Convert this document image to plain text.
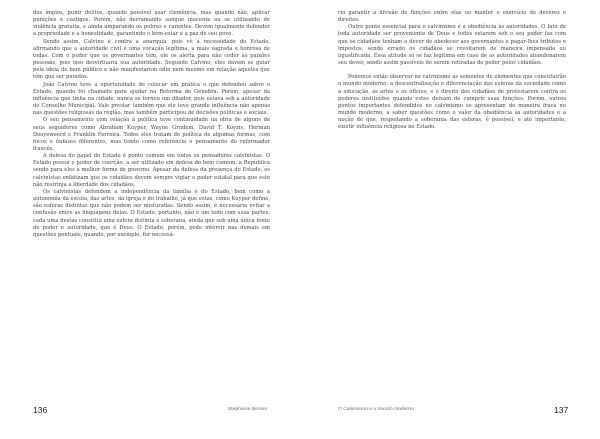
dos ímpios, punir delitos, quando possível usar clemência, mas quando não, aplicar punições e castigos. Porém, não derramando sangue inocente ou se utilizando de violência gratuita, e ainda amparando os pobres e carentes. Devem igualmente defender a propriedade e a honestidade, garantindo o bem-estar e a paz de seu povo.

Sendo assim, Calvino é contra a anarquia, pois vê a necessidade do Estado, afirmando que a autoridade civil é uma vocação legítima, a mais sagrada e honrosa de todas. Com o poder que os governantes têm, ele os alerta para não ceder às paixões pessoais, pois isso desvirtuaria sua autoridade. Segundo Calvino, eles devem se guiar pela ideia de bem público e não manifestarem ódio nem mesmo em relação àqueles que têm que ser punidos.

João Calvino teve a oportunidade de colocar em prática o que defendeu sobre o Estado, quando foi chamado para ajudar na Reforma de Genebra. Porém, apesar da influência que tinha na cidade, nunca se tornou um ditador, pois estava sob a autoridade do Conselho Municipal. Vale prestar também que ele teve grande influência não apenas nas questões religiosas da região, mas também participou de decisões políticas e sociais.

O seu pensamento com relação à política teve continuidade na obra de alguns de seus seguidores como Abraham Kuyper, Wayne Grudem, David T. Koyzis, Herman Dooyeweerd e Franklin Ferreira. Todos eles tratam de política de algumas formas, com focos e ênfases diferentes, mas tendo como referência o pensamento do reformador francês.

A defesa do papel do Estado é ponto comum em todos os pensadores calvinistas. O Estado possui o poder de coerção, a ser utilizado em defesa do bem comum, a República sendo para eles a melhor forma de governo. Apesar da defesa da presença do Estado, os calvinistas enfatizam que os cidadãos devem sempre vigiar o poder estatal para que este não restrinja a liberdade dos cidadãos.

Os calvinistas defendem a independência da família e do Estado, bem como a autonomia da escola, das artes, da igreja e do trabalho, já que estas, como Kuyper define, são esferas distintas que não podem ser misturadas. Sendo assim, é necessário evitar a confusão entre as linguagens delas. O Estado, portanto, não é um todo com suas partes; cada uma destas constitui uma esfera distinta e soberana, ainda que sob uma única fonte de poder e autoridade, que é Deus. O Estado, porém, pode intervir nas demais em questões pontuais, quando, por exemplo, for necessá-

136	Stephanie Becker

rio garantir a divisão de funções entre elas ou manter o exercício de deveres e direitos.

Outro ponto essencial para o calvinismo é a obediência às autoridades. O fato de toda autoridade ser proveniente de Deus e todos estarem sob o seu poder faz com que os cidadãos tenham o dever de obedecer aos governantes e pagar-lhes tributos e impostos, sendo errado os cidadãos se revoltarem de maneira impensada ou injustificada. Essa atitude só se faz legítima em caso de as autoridades abandonarem seu dever, sendo assim passíveis de serem retiradas do poder pelos cidadãos.

Podemos então observar no calvinismo as sementes de elementos que constituirão o mundo moderno: a descentralização e diferenciação das esferas da sociedade como a educação, as artes e os ofícios; e o direito dos cidadãos de protestarem contra os poderes instituídos quando estes deixam de cumprir suas funções. Porém, outros pontos importantes defendidos no calvinismo se apresentam de maneira fraca no mundo moderno, a saber questões como o valor da obediência às autoridades e a noção de que, respeitando a soberania das esferas, é possível, e até importante, existir influência religiosa no Estado.

O Calvinismo e o mundo moderno	137
